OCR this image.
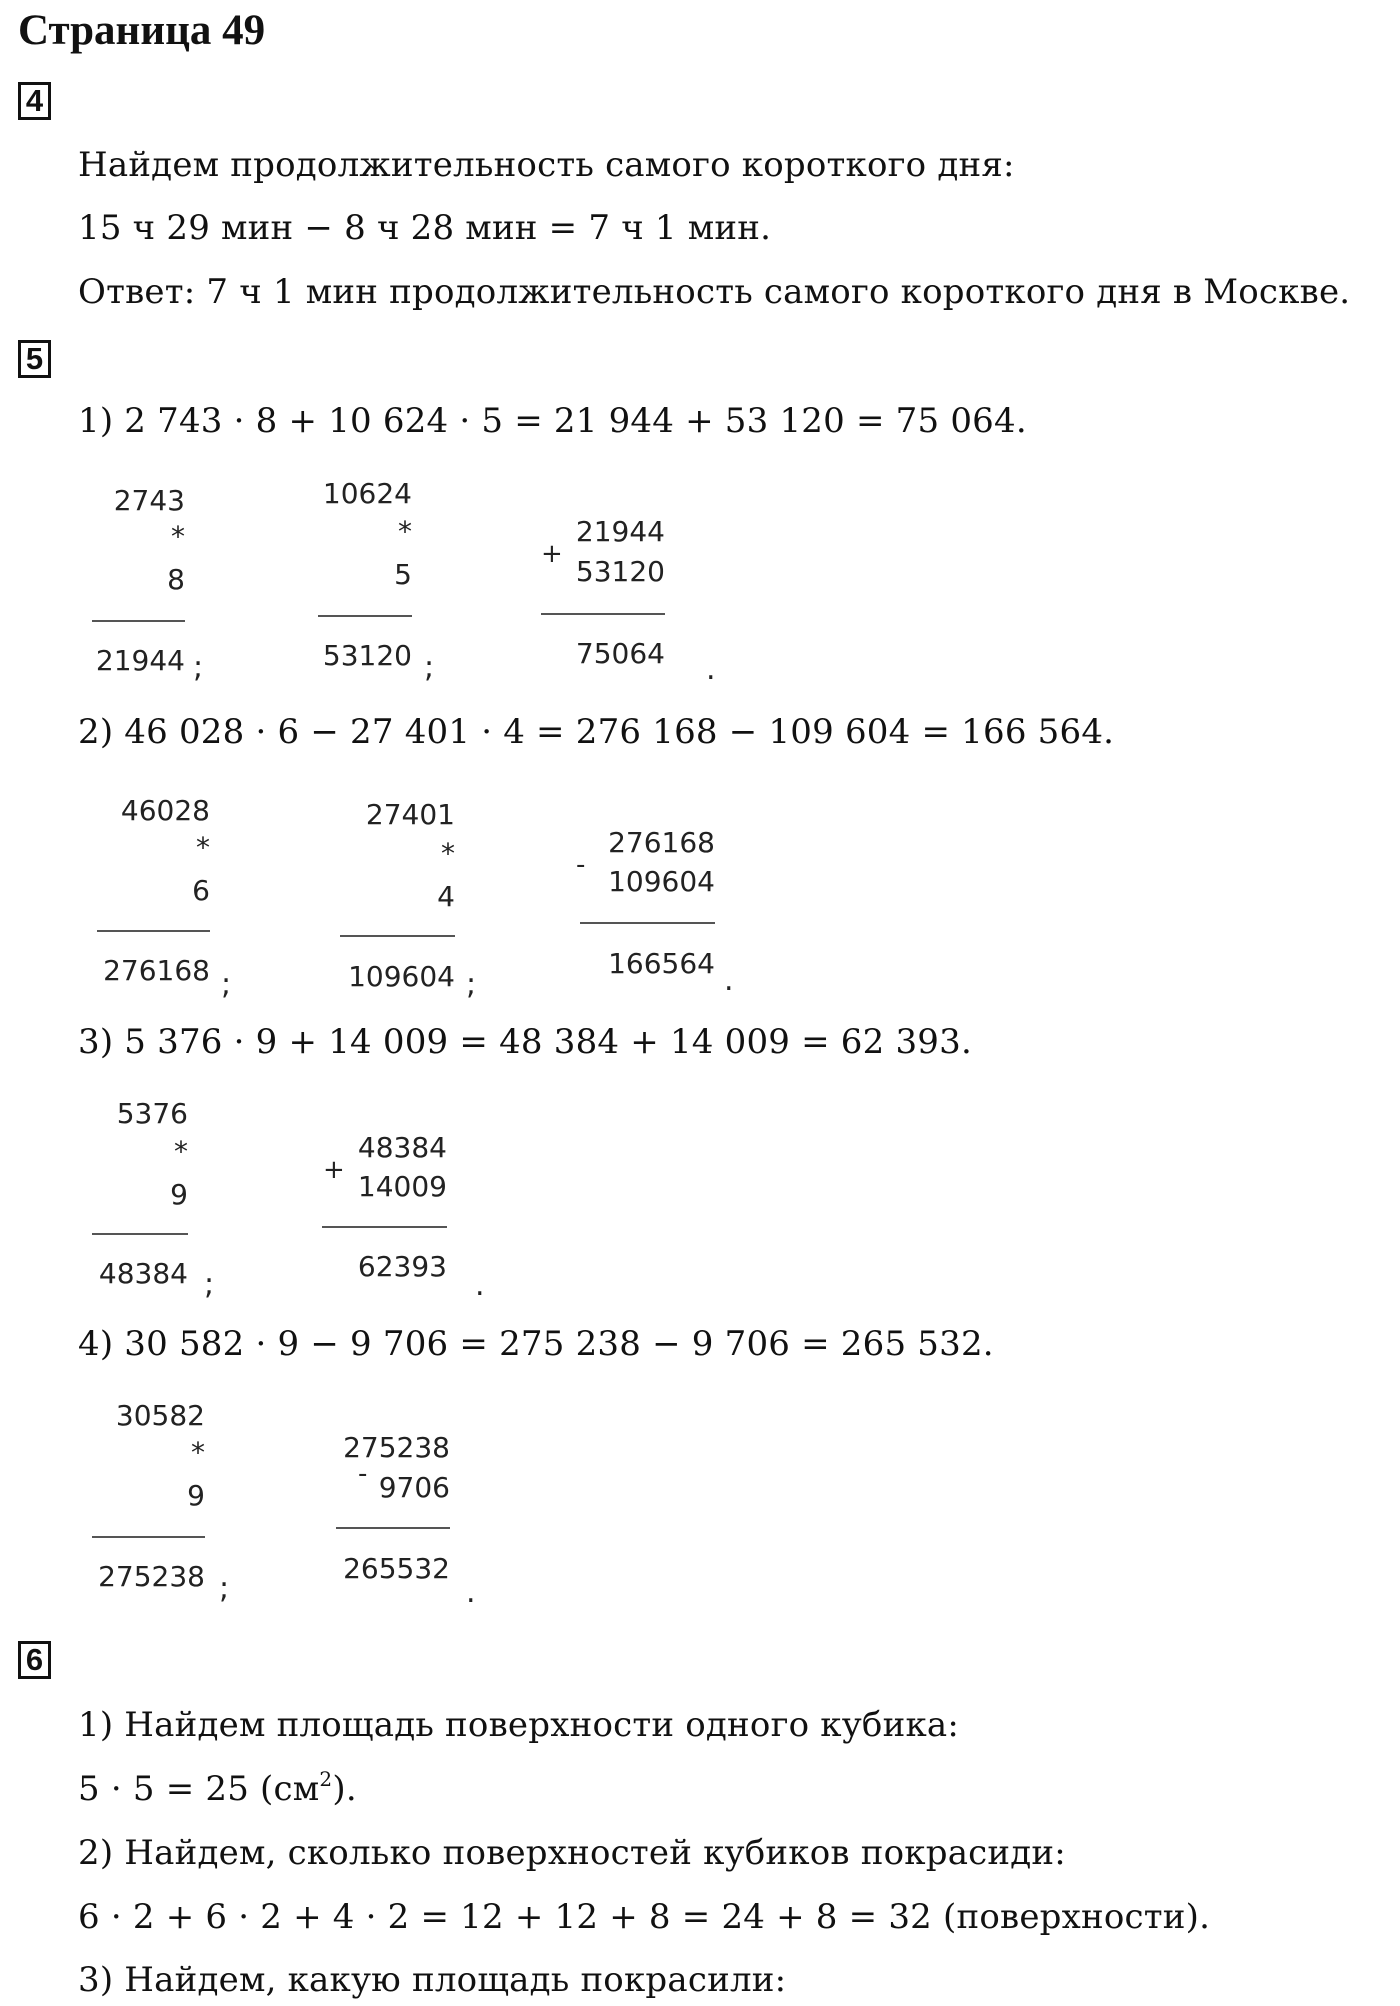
Страница 49
4
Найдем продолжительность самого короткого дня:
15 ч 29 мин − 8 ч 28 мин = 7 ч 1 мин.
Ответ: 7 ч 1 мин продолжительность самого короткого дня в Москве.
5
1) 2 743 · 8 + 10 624 · 5 = 21 944 + 53 120 = 75 064.
2743
*
8
21944 ;
10624
*
5
53120 ;
+
21944
53120
75064 .
2) 46 028 · 6 − 27 401 · 4 = 276 168 − 109 604 = 166 564.
46028
*
6
276168 ;
27401
*
4
109604 ;
-
276168
109604
166564 .
3) 5 376 · 9 + 14 009 = 48 384 + 14 009 = 62 393.
5376
*
9
48384 ;
+
48384
14009
62393
.
4) 30 582 · 9 − 9 706 = 275 238 − 9 706 = 265 532.
30582
*
9
275238 ;
-
275238
9706
265532
.
6
1) Найдем площадь поверхности одного кубика:
5 · 5 = 25 $(см^2)$.
2) Найдем, сколько поверхностей кубиков покрасиди:
6 · 2 + 6 · 2 + 4 · 2 = 12 + 12 + 8 = 24 + 8 = 32 (поверхности).
3) Найдем, какую площадь покрасили:
